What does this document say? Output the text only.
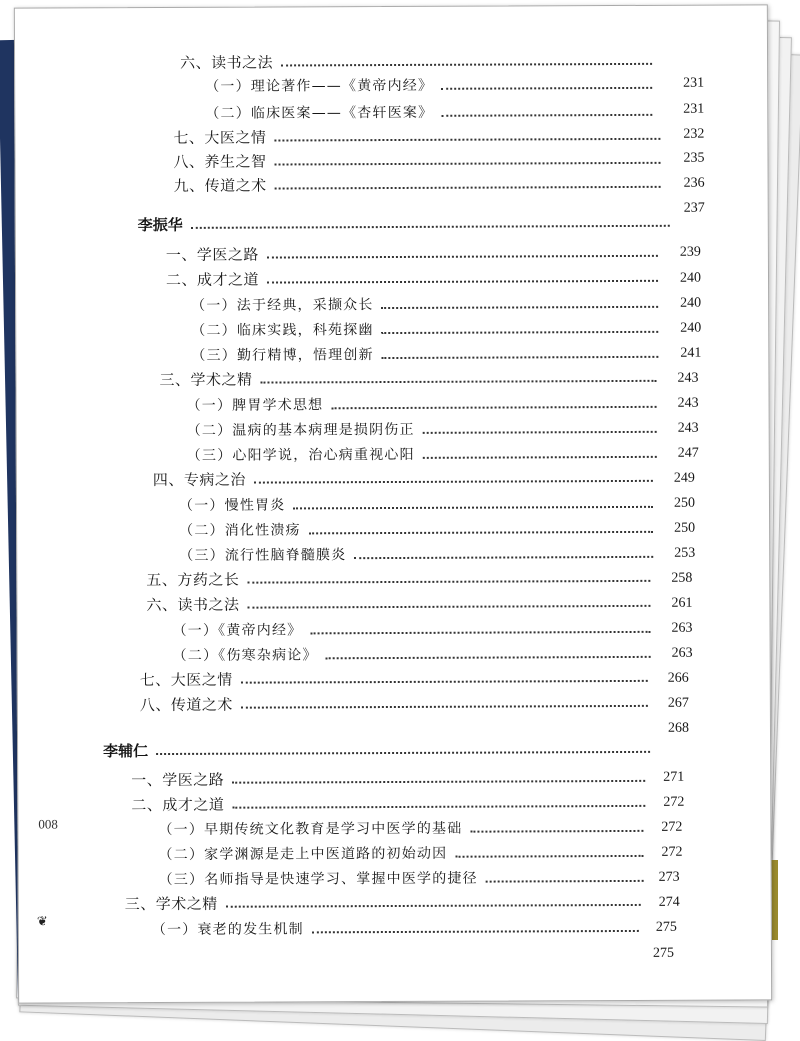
六、读书之法
（一）理论著作——《黄帝内经》	231
（二）临床医案——《杏轩医案》	231
七、大医之情	232
八、养生之智	235
九、传道之术	236
237
李振华
一、学医之路	239
二、成才之道	240
（一）法于经典，采撷众长	240
（二）临床实践，科苑探幽	240
（三）勤行精博，悟理创新	241
三、学术之精	243
（一）脾胃学术思想	243
（二）温病的基本病理是损阴伤正	243
（三）心阳学说，治心病重视心阳	247
四、专病之治	249
（一）慢性胃炎	250
（二）消化性溃疡	250
（三）流行性脑脊髓膜炎	253
五、方药之长	258
六、读书之法	261
（一）《黄帝内经》	263
（二）《伤寒杂病论》	263
七、大医之情	266
八、传道之术	267
268
李辅仁
一、学医之路	271
二、成才之道	272
（一）早期传统文化教育是学习中医学的基础	272
（二）家学渊源是走上中医道路的初始动因	272
（三）名师指导是快速学习、掌握中医学的捷径	273
三、学术之精	274
（一）衰老的发生机制	275
275
008
❦
